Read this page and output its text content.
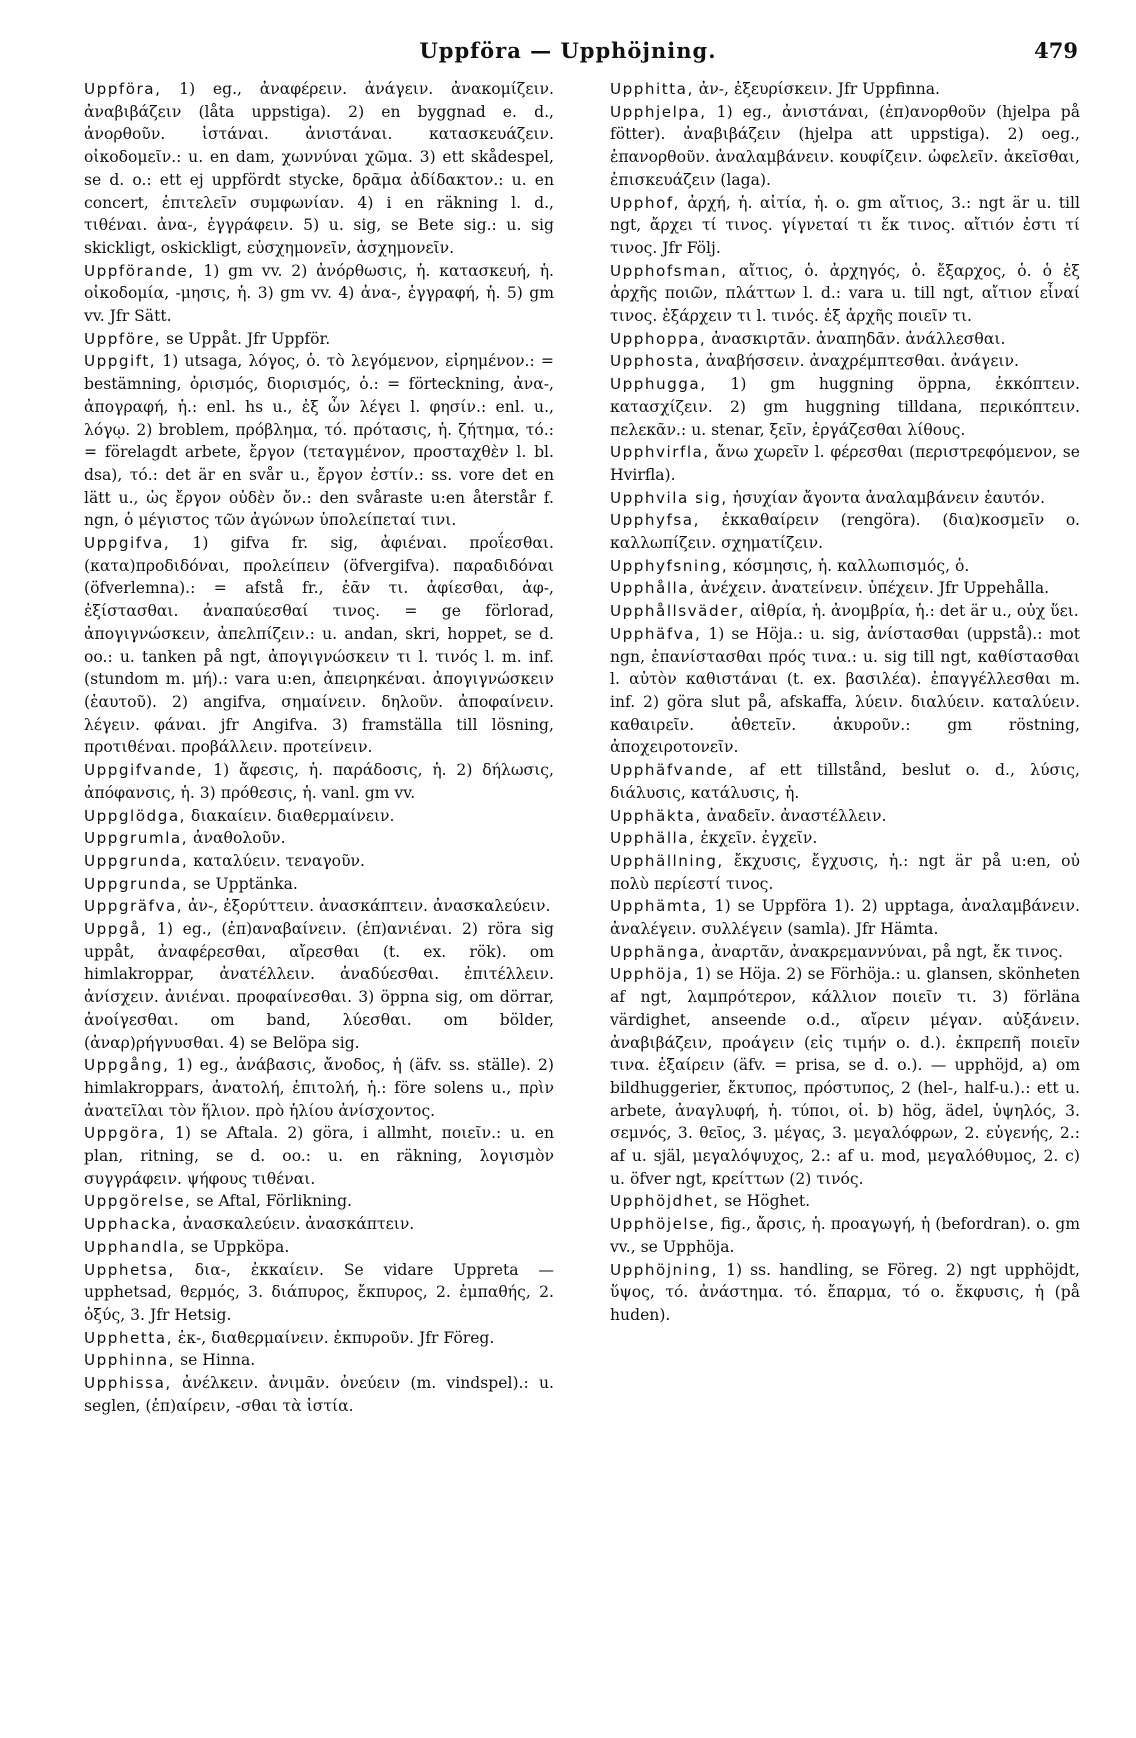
Uppföra — Upphöjning.	479

Uppföra, 1) eg., ἀναφέρειν. ἀνάγειν. ἀνακομίζειν. ἀναβιβάζειν (låta uppstiga). 2) en byggnad e. d., ἀνορθοῦν. ἱστάναι. ἀνιστάναι. κατασκευάζειν. οἰκοδομεῖν.: u. en dam, χωννύναι χῶμα. 3) ett skådespel, se d. o.: ett ej uppfördt stycke, δρᾶμα ἀδίδακτον.: u. en concert, ἐπιτελεῖν συμφωνίαν. 4) i en räkning l. d., τιθέναι. ἀνα-, ἐγγράφειν. 5) u. sig, se Bete sig.: u. sig skickligt, oskickligt, εὐσχημονεῖν, ἀσχημονεῖν.

Uppförande, 1) gm vv. 2) ἀνόρθωσις, ἡ. κατασκευή, ἡ. οἰκοδομία, -μησις, ἡ. 3) gm vv. 4) ἀνα-, ἐγγραφή, ἡ. 5) gm vv. Jfr Sätt.

Uppföre, se Uppåt. Jfr Uppför.

Uppgift, 1) utsaga, λόγος, ὁ. τὸ λεγόμενον, εἰρημένον.: = bestämning, ὁρισμός, διορισμός, ὁ.: = förteckning, ἀνα-, ἀπογραφή, ἡ.: enl. hs u., ἐξ ὧν λέγει l. φησίν.: enl. u., λόγῳ. 2) broblem, πρόβλημα, τό. πρότασις, ἡ. ζήτημα, τό.: = förelagdt arbete, ἔργον (τεταγμένον, προσταχθὲν l. bl. dsa), τό.: det är en svår u., ἔργον ἐστίν.: ss. vore det en lätt u., ὡς ἔργον οὐδὲν ὄν.: den svåraste u:en återstår f. ngn, ὁ μέγιστος τῶν ἀγώνων ὑπολείπεταί τινι.

Uppgifva, 1) gifva fr. sig, ἀφιέναι. προΐεσθαι. (κατα)προδιδόναι, προλείπειν (öfvergifva). παραδιδόναι (öfverlemna).: = afstå fr., ἐᾶν τι. ἀφίεσθαι, ἀφ-, ἐξίστασθαι. ἀναπαύεσθαί τινος. = ge förlorad, ἀπογιγνώσκειν, ἀπελπίζειν.: u. andan, skri, hoppet, se d. oo.: u. tanken på ngt, ἀπογιγνώσκειν τι l. τινός l. m. inf. (stundom m. μή).: vara u:en, ἀπειρηκέναι. ἀπογιγνώσκειν (ἑαυτοῦ). 2) angifva, σημαίνειν. δηλοῦν. ἀποφαίνειν. λέγειν. φάναι. jfr Angifva. 3) framställa till lösning, προτιθέναι. προβάλλειν. προτείνειν.

Uppgifvande, 1) ἄφεσις, ἡ. παράδοσις, ἡ. 2) δήλωσις, ἀπόφανσις, ἡ. 3) πρόθεσις, ἡ. vanl. gm vv.

Uppglödga, διακαίειν. διαθερμαίνειν.

Uppgrumla, ἀναθολοῦν.

Uppgrunda, καταλύειν. τεναγοῦν.

Uppgrunda, se Upptänka.

Uppgräfva, ἀν-, ἐξορύττειν. ἀνασκάπτειν. ἀνασκαλεύειν.

Uppgå, 1) eg., (ἐπ)αναβαίνειν. (ἐπ)ανιέναι. 2) röra sig uppåt, ἀναφέρεσθαι, αἴρεσθαι (t. ex. rök). om himlakroppar, ἀνατέλλειν. ἀναδύεσθαι. ἐπιτέλλειν. ἀνίσχειν. ἀνιέναι. προφαίνεσθαι. 3) öppna sig, om dörrar, ἀνοίγεσθαι. om band, λύεσθαι. om bölder, (ἀναρ)ρήγνυσθαι. 4) se Belöpa sig.

Uppgång, 1) eg., ἀνάβασις, ἄνοδος, ἡ (äfv. ss. ställe). 2) himlakroppars, ἀνατολή, ἐπιτολή, ἡ.: före solens u., πρὶν ἀνατεῖλαι τὸν ἥλιον. πρὸ ἡλίου ἀνίσχοντος.

Uppgöra, 1) se Aftala. 2) göra, i allmht, ποιεῖν.: u. en plan, ritning, se d. oo.: u. en räkning, λογισμὸν συγγράφειν. ψήφους τιθέναι.

Uppgörelse, se Aftal, Förlikning.

Upphacka, ἀνασκαλεύειν. ἀνασκάπτειν.

Upphandla, se Uppköpa.

Upphetsa, δια-, ἐκκαίειν. Se vidare Uppreta — upphetsad, θερμός, 3. διάπυρος, ἔκπυρος, 2. ἐμπαθής, 2. ὀξύς, 3. Jfr Hetsig.

Upphetta, ἐκ-, διαθερμαίνειν. ἐκπυροῦν. Jfr Föreg.

Upphinna, se Hinna.

Upphissa, ἀνέλκειν. ἀνιμᾶν. ὀνεύειν (m. vindspel).: u. seglen, (ἐπ)αίρειν, -σθαι τὰ ἱστία.

Upphitta, ἀν-, ἐξευρίσκειν. Jfr Uppfinna.

Upphjelpa, 1) eg., ἀνιστάναι, (ἐπ)ανορθοῦν (hjelpa på fötter). ἀναβιβάζειν (hjelpa att uppstiga). 2) oeg., ἐπανορθοῦν. ἀναλαμβάνειν. κουφίζειν. ὠφελεῖν. ἀκεῖσθαι, ἐπισκευάζειν (laga).

Upphof, ἀρχή, ἡ. αἰτία, ἡ. o. gm αἴτιος, 3.: ngt är u. till ngt, ἄρχει τί τινος. γίγνεταί τι ἔκ τινος. αἴτιόν ἐστι τί τινος. Jfr Följ.

Upphofsman, αἴτιος, ὁ. ἀρχηγός, ὁ. ἔξαρχος, ὁ. ὁ ἐξ ἀρχῆς ποιῶν, πλάττων l. d.: vara u. till ngt, αἴτιον εἶναί τινος. ἐξάρχειν τι l. τινός. ἐξ ἀρχῆς ποιεῖν τι.

Upphoppa, ἀνασκιρτᾶν. ἀναπηδᾶν. ἀνάλλεσθαι.

Upphosta, ἀναβήσσειν. ἀναχρέμπτεσθαι. ἀνάγειν.

Upphugga, 1) gm huggning öppna, ἐκκόπτειν. κατασχίζειν. 2) gm huggning tilldana, περικόπτειν. πελεκᾶν.: u. stenar, ξεῖν, ἐργάζεσθαι λίθους.

Upphvirfla, ἄνω χωρεῖν l. φέρεσθαι (περιστρεφόμενον, se Hvirfla).

Upphvila sig, ἡσυχίαν ἄγοντα ἀναλαμβάνειν ἑαυτόν.

Upphyfsa, ἐκκαθαίρειν (rengöra). (δια)κοσμεῖν o. καλλωπίζειν. σχηματίζειν.

Upphyfsning, κόσμησις, ἡ. καλλωπισμός, ὁ.

Upphålla, ἀνέχειν. ἀνατείνειν. ὑπέχειν. Jfr Uppehålla.

Upphållsväder, αἰθρία, ἡ. ἀνομβρία, ἡ.: det är u., οὐχ ὕει.

Upphäfva, 1) se Höja.: u. sig, ἀνίστασθαι (uppstå).: mot ngn, ἐπανίστασθαι πρός τινα.: u. sig till ngt, καθίστασθαι l. αὑτὸν καθιστάναι (t. ex. βασιλέα). ἐπαγγέλλεσθαι m. inf. 2) göra slut på, afskaffa, λύειν. διαλύειν. καταλύειν. καθαιρεῖν. ἀθετεῖν. ἀκυροῦν.: gm röstning, ἀποχειροτονεῖν.

Upphäfvande, af ett tillstånd, beslut o. d., λύσις, διάλυσις, κατάλυσις, ἡ.

Upphäkta, ἀναδεῖν. ἀναστέλλειν.

Upphälla, ἐκχεῖν. ἐγχεῖν.

Upphällning, ἔκχυσις, ἔγχυσις, ἡ.: ngt är på u:en, οὐ πολὺ περίεστί τινος.

Upphämta, 1) se Uppföra 1). 2) upptaga, ἀναλαμβάνειν. ἀναλέγειν. συλλέγειν (samla). Jfr Hämta.

Upphänga, ἀναρτᾶν, ἀνακρεμαννύναι, på ngt, ἔκ τινος.

Upphöja, 1) se Höja. 2) se Förhöja.: u. glansen, skönheten af ngt, λαμπρότερον, κάλλιον ποιεῖν τι. 3) förläna värdighet, anseende o.d., αἴρειν μέγαν. αὐξάνειν. ἀναβιβάζειν, προάγειν (εἰς τιμήν o. d.). ἐκπρεπῆ ποιεῖν τινα. ἐξαίρειν (äfv. = prisa, se d. o.). — upphöjd, a) om bildhuggerier, ἔκτυπος, πρόστυπος, 2 (hel-, half-u.).: ett u. arbete, ἀναγλυφή, ἡ. τύποι, οἱ. b) hög, ädel, ὑψηλός, 3. σεμνός, 3. θεῖος, 3. μέγας, 3. μεγαλόφρων, 2. εὐγενής, 2.: af u. själ, μεγαλόψυχος, 2.: af u. mod, μεγαλόθυμος, 2. c) u. öfver ngt, κρείττων (2) τινός.

Upphöjdhet, se Höghet.

Upphöjelse, fig., ἄρσις, ἡ. προαγωγή, ἡ (befordran). o. gm vv., se Upphöja.

Upphöjning, 1) ss. handling, se Föreg. 2) ngt upphöjdt, ὕψος, τό. ἀνάστημα. τό. ἔπαρμα, τό o. ἔκφυσις, ἡ (på huden).
